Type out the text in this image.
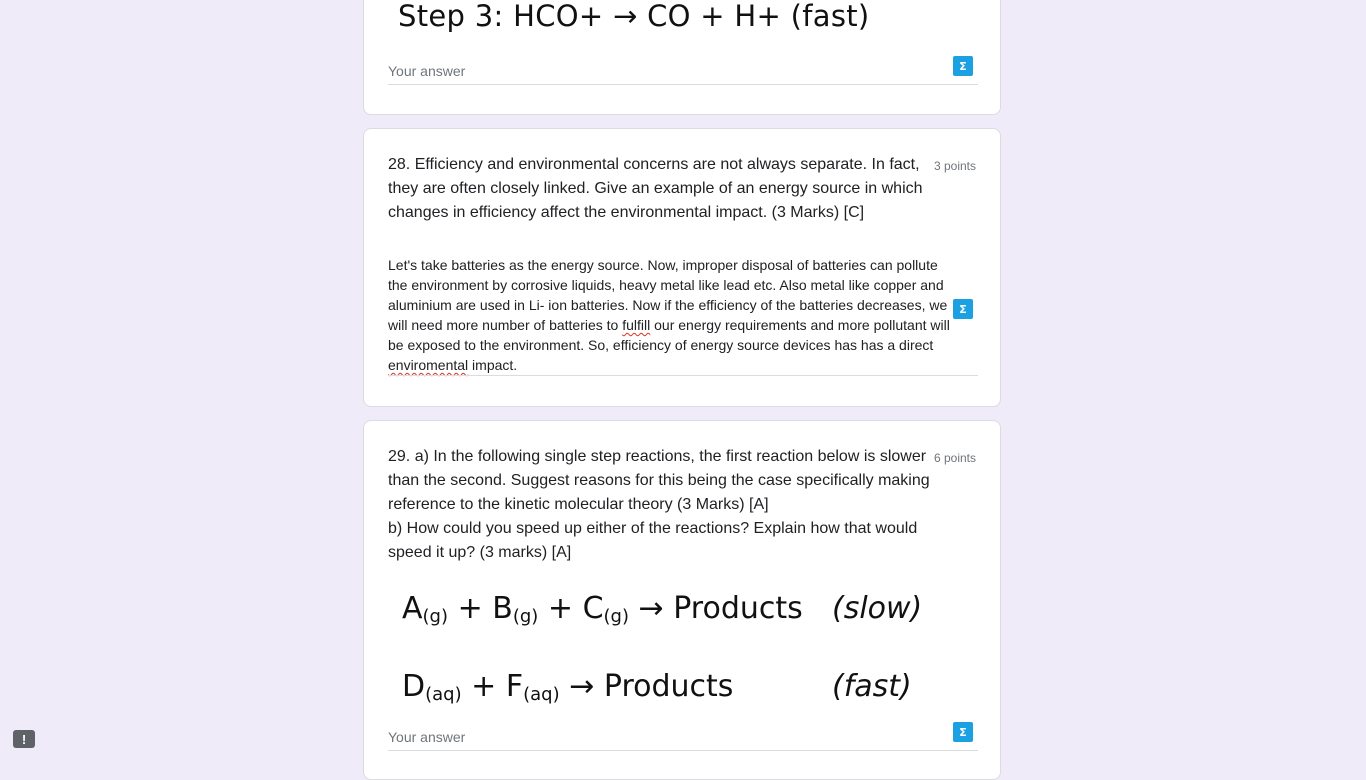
Step 3: HCO+ → CO + H+ (fast)
Your answer	Σ
28. Efficiency and environmental concerns are not always separate. In fact, they are often closely linked. Give an example of an energy source in which changes in efficiency affect the environmental impact. (3 Marks) [C]
3 points
Let's take batteries as the energy source. Now, improper disposal of batteries can pollute the environment by corrosive liquids, heavy metal like lead etc. Also metal like copper and aluminium are used in Li- ion batteries. Now if the efficiency of the batteries decreases, we will need more number of batteries to fulfill our energy requirements and more pollutant will be exposed to the environment. So, efficiency of energy source devices has has a direct enviromental impact.
Σ
29. a) In the following single step reactions, the first reaction below is slower than the second. Suggest reasons for this being the case specifically making reference to the kinetic molecular theory (3 Marks) [A]
b) How could you speed up either of the reactions? Explain how that would speed it up? (3 marks) [A]
6 points
$A_{(g)} + B_{(g)} + C_{(g)}$ → Products (slow)
$D_{(aq)} + F_{(aq)}$ → Products	(fast)
Your answer	Σ
!
